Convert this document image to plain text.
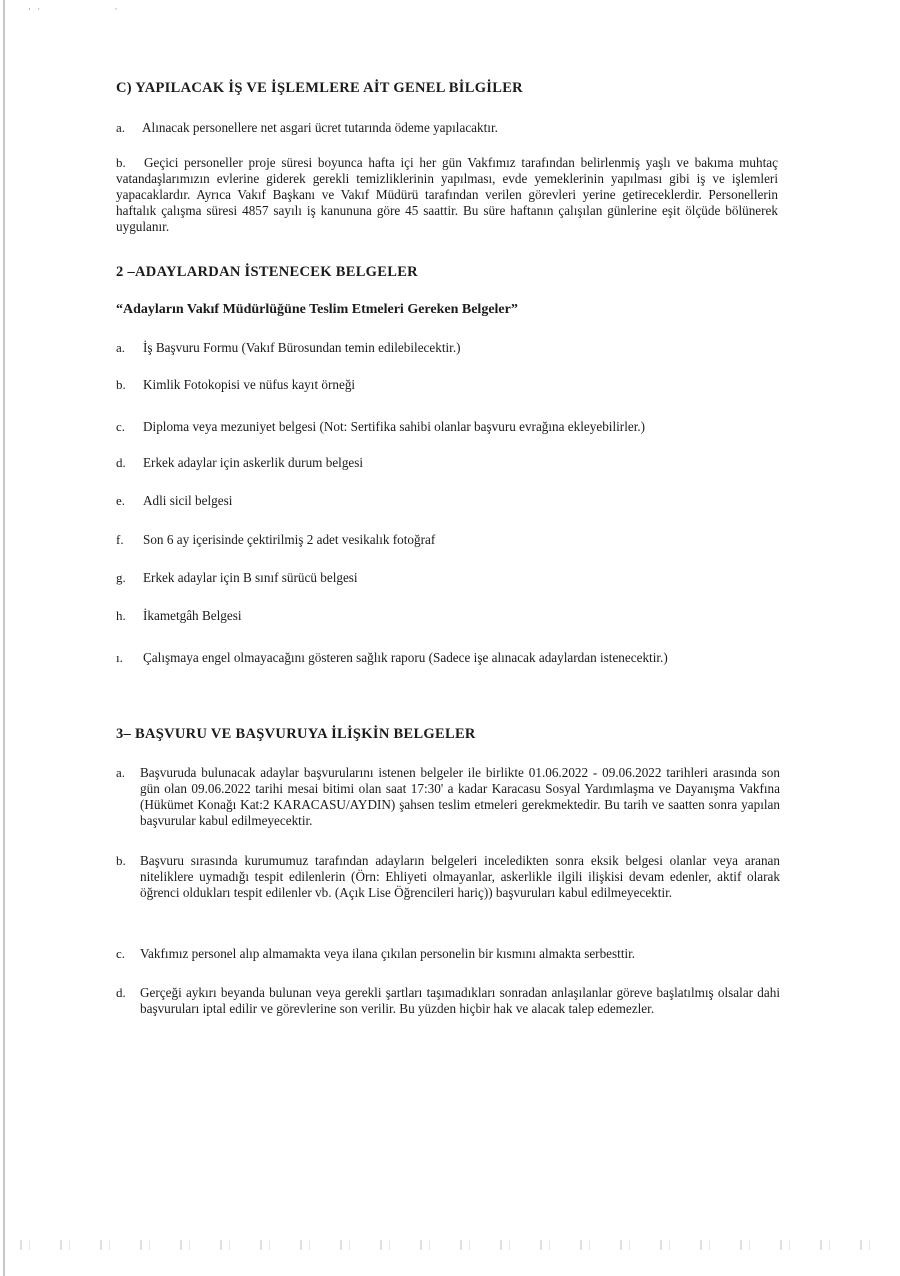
· ·                 ·
C) YAPILACAK İŞ VE İŞLEMLERE AİT GENEL BİLGİLER
a.	Alınacak personellere net asgari ücret tutarında ödeme yapılacaktır.
b.	Geçici personeller proje süresi boyunca hafta içi her gün Vakfımız tarafından belirlenmiş yaşlı ve bakıma muhtaç vatandaşlarımızın evlerine giderek gerekli temizliklerinin yapılması, evde yemeklerinin yapılması gibi iş ve işlemleri yapacaklardır. Ayrıca Vakıf Başkanı ve Vakıf Müdürü tarafından verilen görevleri yerine getireceklerdir. Personellerin haftalık çalışma süresi 4857 sayılı iş kanununa göre 45 saattir. Bu süre haftanın çalışılan günlerine eşit ölçüde bölünerek uygulanır.
2 –ADAYLARDAN İSTENECEK BELGELER
“Adayların Vakıf Müdürlüğüne Teslim Etmeleri Gereken Belgeler”
a.	İş Başvuru Formu (Vakıf Bürosundan temin edilebilecektir.)
b.	Kimlik Fotokopisi ve nüfus kayıt örneği
c.	Diploma veya mezuniyet belgesi (Not: Sertifika sahibi olanlar başvuru evrağına ekleyebilirler.)
d.	Erkek adaylar için askerlik durum belgesi
e.	Adli sicil belgesi
f.	Son 6 ay içerisinde çektirilmiş 2 adet vesikalık fotoğraf
g.	Erkek adaylar için B sınıf sürücü belgesi
h.	İkametgâh Belgesi
ı.	Çalışmaya engel olmayacağını gösteren sağlık raporu (Sadece işe alınacak adaylardan istenecektir.)
3– BAŞVURU VE BAŞVURUYA İLİŞKİN BELGELER
a.	Başvuruda bulunacak adaylar başvurularını istenen belgeler ile birlikte 01.06.2022 - 09.06.2022 tarihleri arasında son gün olan 09.06.2022 tarihi mesai bitimi olan saat 17:30' a kadar Karacasu Sosyal Yardımlaşma ve Dayanışma Vakfına (Hükümet Konağı Kat:2 KARACASU/AYDIN) şahsen teslim etmeleri gerekmektedir. Bu tarih ve saatten sonra yapılan başvurular kabul edilmeyecektir.
b.	Başvuru sırasında kurumumuz tarafından adayların belgeleri inceledikten sonra eksik belgesi olanlar veya aranan niteliklere uymadığı tespit edilenlerin (Örn: Ehliyeti olmayanlar, askerlikle ilgili ilişkisi devam edenler, aktif olarak öğrenci oldukları tespit edilenler vb. (Açık Lise Öğrencileri hariç)) başvuruları kabul edilmeyecektir.
c.	Vakfımız personel alıp almamakta veya ilana çıkılan personelin bir kısmını almakta serbesttir.
d.	Gerçeği aykırı beyanda bulunan veya gerekli şartları taşımadıkları sonradan anlaşılanlar göreve başlatılmış olsalar dahi başvuruları iptal edilir ve görevlerine son verilir. Bu yüzden hiçbir hak ve alacak talep edemezler.
